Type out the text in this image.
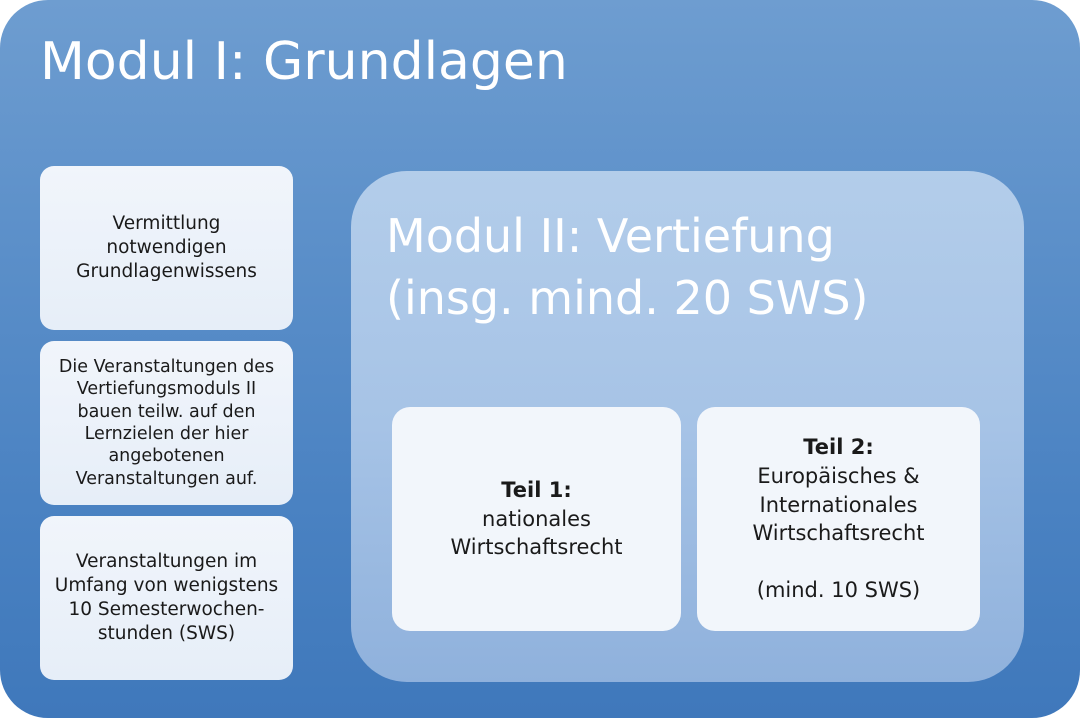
Modul I: Grundlagen
Vermittlung
notwendigen
Grundlagenwissens
Die Veranstaltungen des
Vertiefungsmoduls II
bauen teilw. auf den
Lernzielen der hier
angebotenen
Veranstaltungen auf.
Veranstaltungen im
Umfang von wenigstens
10 Semesterwochen-
stunden (SWS)
Modul II: Vertiefung
(insg. mind. 20 SWS)
Teil 1:
nationales
Wirtschaftsrecht
Teil 2:
Europäisches &
Internationales
Wirtschaftsrecht
(mind. 10 SWS)
